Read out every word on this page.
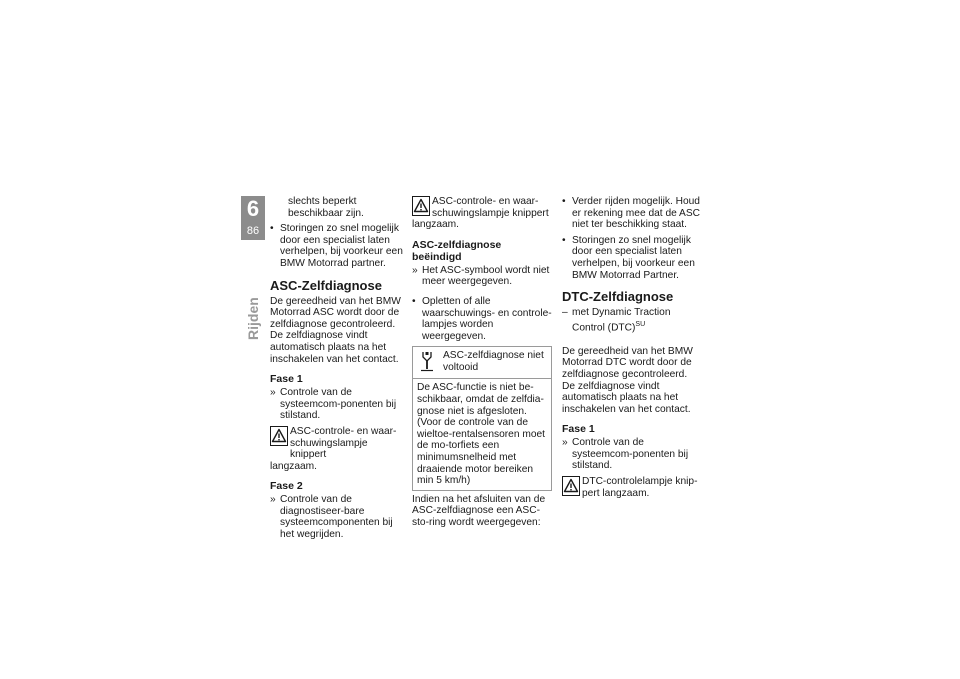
6
86
Rijden
slechts beperkt beschikbaar zijn.
• Storingen zo snel mogelijk door een specialist laten verhelpen, bij voorkeur een BMW Motorrad partner.
ASC-Zelfdiagnose
De gereedheid van het BMW Motorrad ASC wordt door de zelfdiagnose gecontroleerd. De zelfdiagnose vindt automatisch plaats na het inschakelen van het contact.
Fase 1
» Controle van de systeemcom-ponenten bij stilstand.
ASC-controle- en waar-schuwingslampje knippert
langzaam.
Fase 2
» Controle van de diagnostiseer-bare systeemcomponenten bij het wegrijden.
ASC-controle- en waar-schuwingslampje knippert
langzaam.
ASC-zelfdiagnose beëindigd
» Het ASC-symbool wordt niet meer weergegeven.
• Opletten of alle waarschuwings- en controle-lampjes worden weergegeven.
ASC-zelfdiagnose niet voltooid
De ASC-functie is niet be-schikbaar, omdat de zelfdia-gnose niet is afgesloten. (Voor de controle van de wieltoe-rentalsensoren moet de mo-torfiets een minimumsnelheid met draaiende motor bereiken min 5 km/h)
Indien na het afsluiten van de ASC-zelfdiagnose een ASC-sto-ring wordt weergegeven:
• Verder rijden mogelijk. Houd er rekening mee dat de ASC niet ter beschikking staat.
• Storingen zo snel mogelijk door een specialist laten verhelpen, bij voorkeur een BMW Motorrad Partner.
DTC-Zelfdiagnose
– met Dynamic Traction Control (DTC)$^{SU}$
De gereedheid van het BMW Motorrad DTC wordt door de zelfdiagnose gecontroleerd. De zelfdiagnose vindt automatisch plaats na het inschakelen van het contact.
Fase 1
» Controle van de systeemcom-ponenten bij stilstand.
DTC-controlelampje knip-pert langzaam.
